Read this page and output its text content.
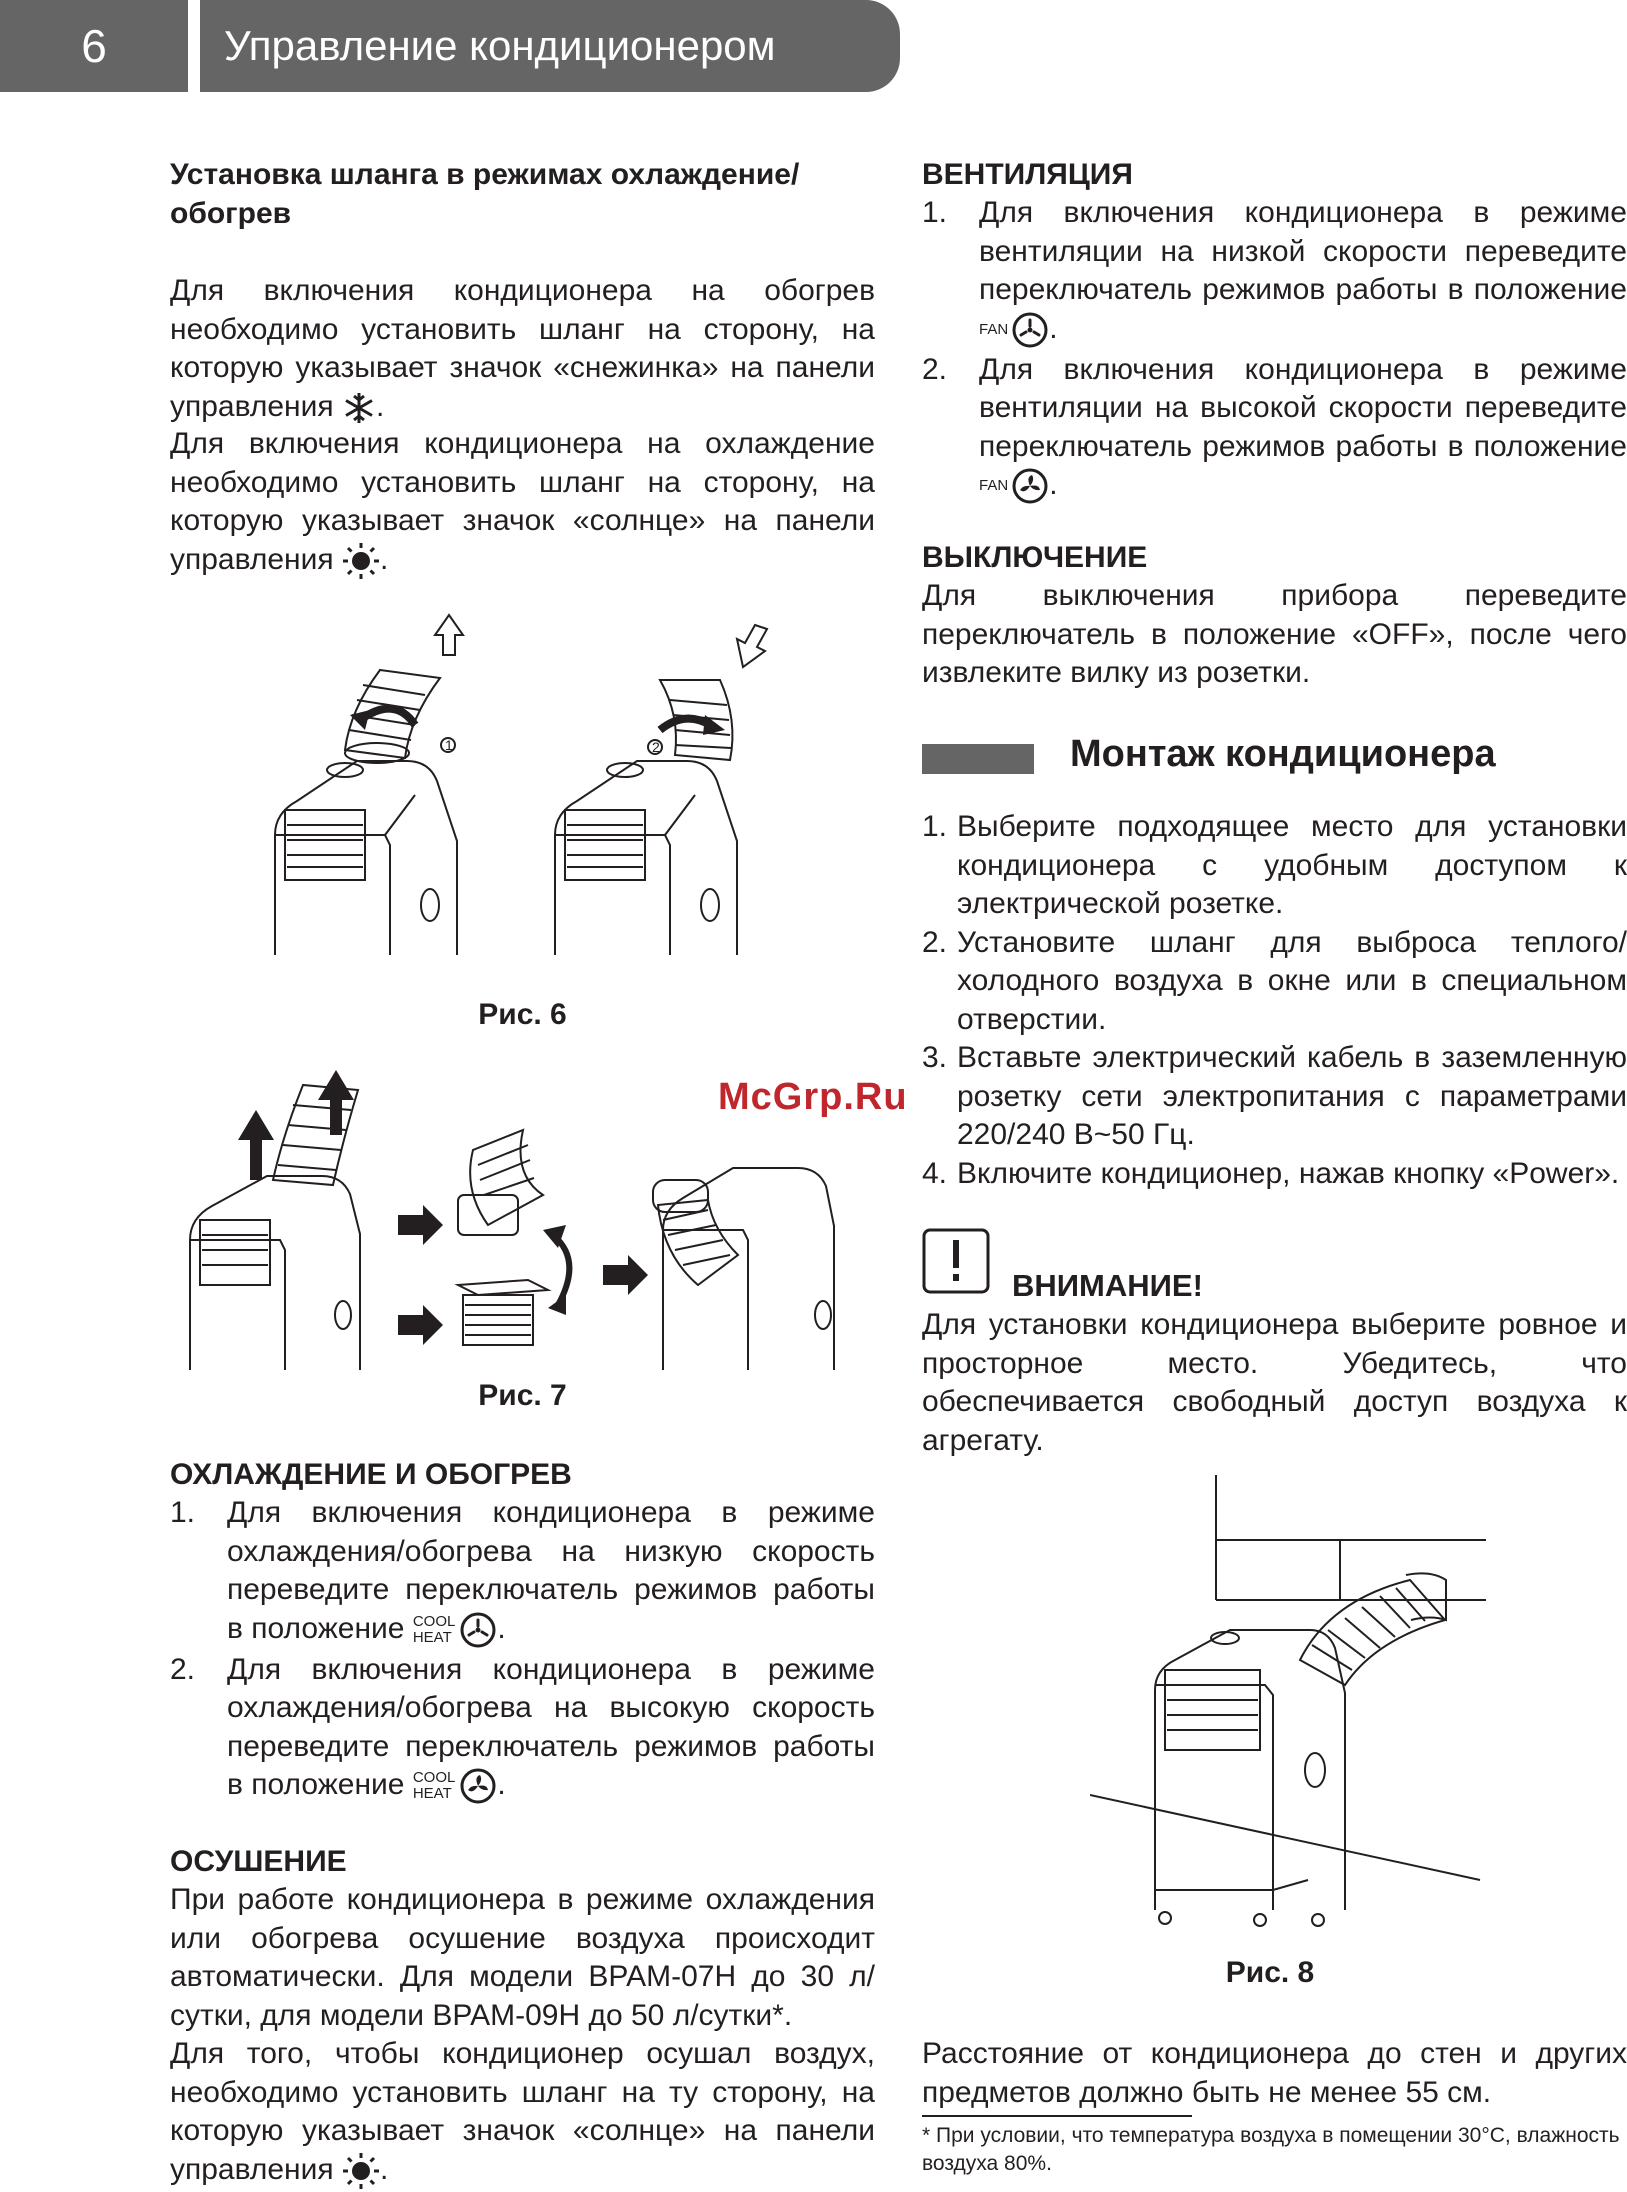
6	Управление кондиционером
Установка шланга в режимах охлаждение/ обогрев
Для включения кондиционера на обогрев необходимо установить шланг на сторону, на которую указывает значок «снежинка» на панели управления .
Для включения кондиционера на охлаждение необходимо установить шланг на сторону, на которую указывает значок «солнце» на панели управления .
1	2
Рис. 6
Рис. 7
ОХЛАЖДЕНИЕ И ОБОГРЕВ
1. Для включения кондиционера в режиме охлаждения/обогрева на низкую скорость переведите переключатель режимов работы в положение COOL
HEAT .
2. Для включения кондиционера в режиме охлаждения/обогрева на высокую скорость переведите переключатель режимов работы в положение COOL
HEAT .
ОСУШЕНИЕ
При работе кондиционера в режиме охлаждения или обогрева осушение воздуха происходит автоматически. Для модели BPAM-07H до 30 л/сутки, для модели BPAM-09H до 50 л/сутки*.
Для того, чтобы кондиционер осушал воздух, необходимо установить шланг на ту сторону, на которую указывает значок «солнце» на панели управления .
ВЕНТИЛЯЦИЯ
1. Для включения кондиционера в режиме вентиляции на низкой скорости переведите переключатель режимов работы в положение FAN .
2. Для включения кондиционера в режиме вентиляции на высокой скорости переведите переключатель режимов работы в положение FAN .
ВЫКЛЮЧЕНИЕ
Для выключения прибора переведите переключатель в положение «OFF», после чего извлеките вилку из розетки.
Монтаж кондиционера
1. Выберите подходящее место для установки кондиционера с удобным доступом к электрической розетке.
2. Установите шланг для выброса теплого/холодного воздуха в окне или в специальном отверстии.
3. Вставьте электрический кабель в заземленную розетку сети электропитания с параметрами 220/240 В~50 Гц.
4. Включите кондиционер, нажав кнопку «Power».
ВНИМАНИЕ!
Для установки кондиционера выберите ровное и просторное место. Убедитесь, что обеспечивается свободный доступ воздуха к агрегату.
Рис. 8
Расстояние от кондиционера до стен и других предметов должно быть не менее 55 см.
* При условии, что температура воздуха в помещении 30°С, влажность воздуха 80%.
McGrp.Ru
